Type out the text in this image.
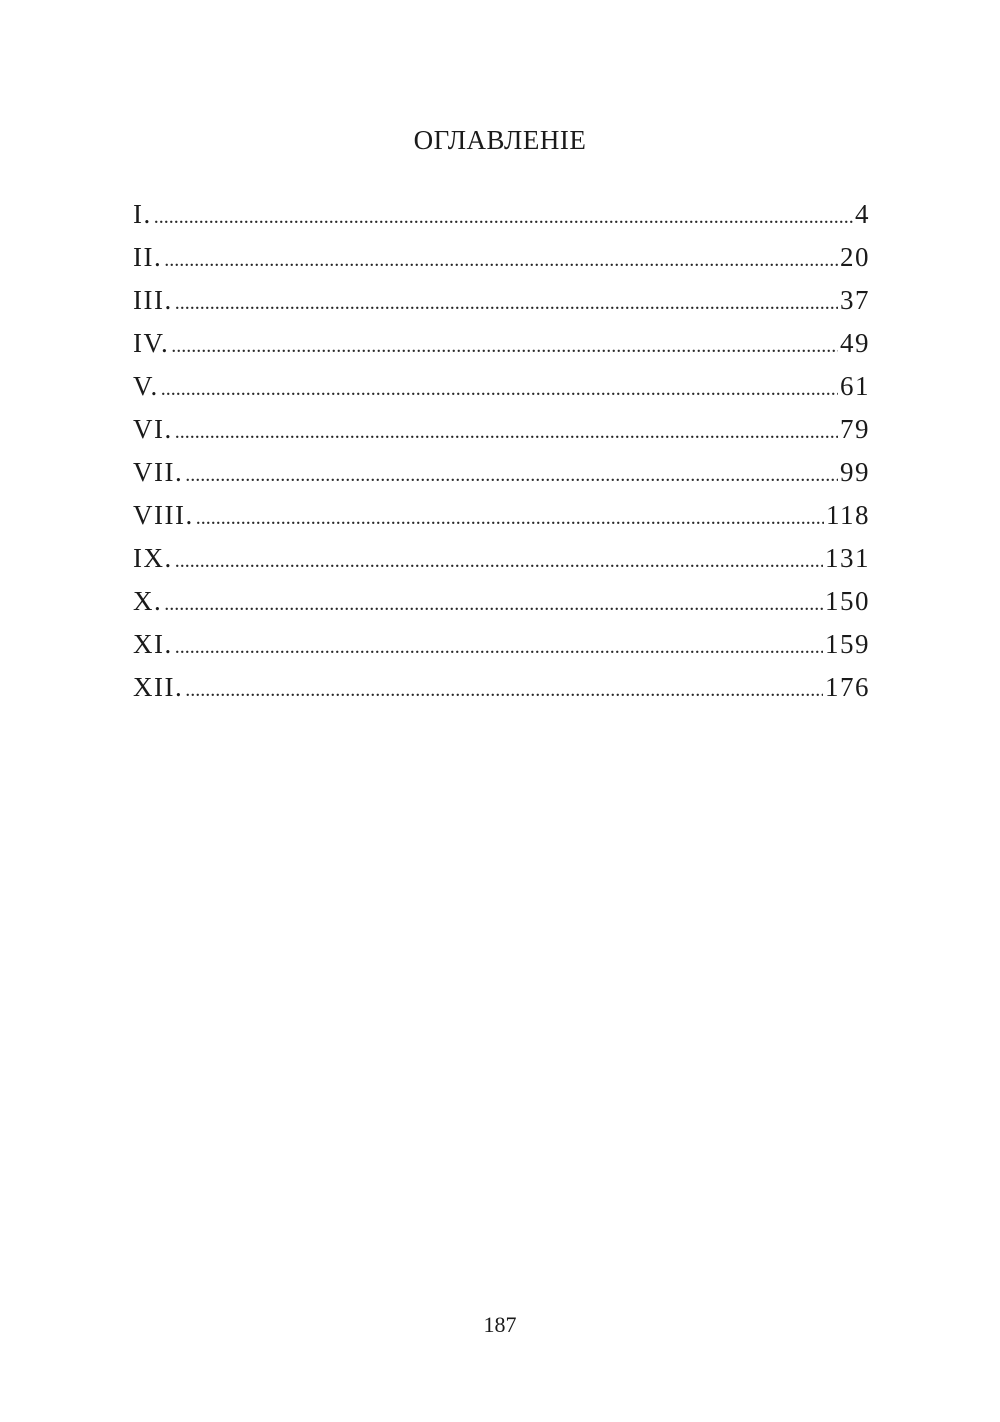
ОГЛАВЛЕНІЕ
I. .....	4
II. .....	20
III. .....	37
IV. .....	49
V. .....	61
VI. .....	79
VII. .....	99
VIII. .....	118
IX. .....	131
X. .....	150
XI. .....	159
XII. .....	176
187
